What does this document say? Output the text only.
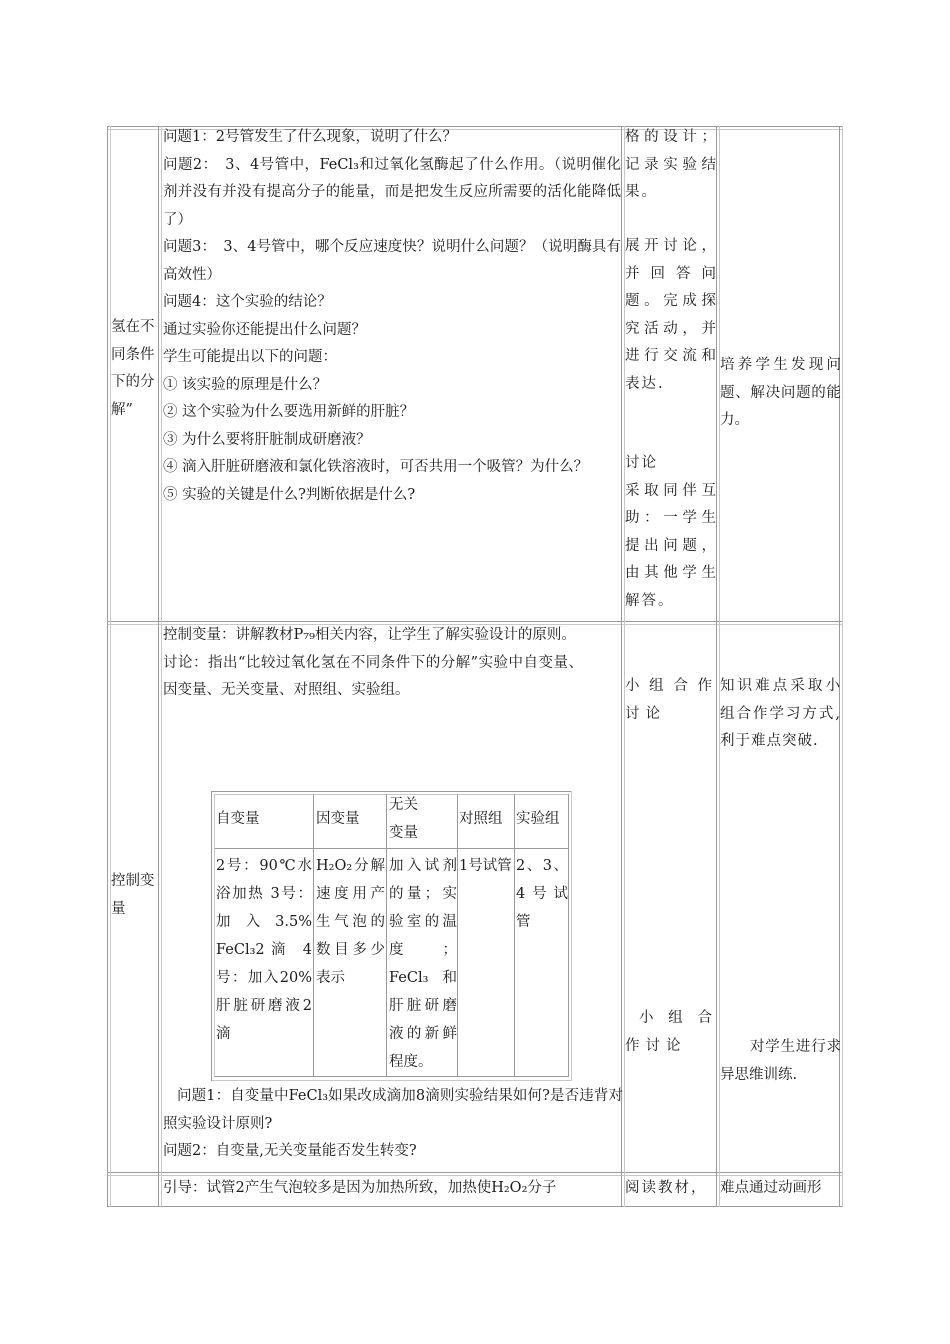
氢在不同条件下的分解”

问题1：2号管发生了什么现象，说明了什么？

问题2：　3、4号管中，FeCl₃和过氧化氢酶起了什么作用。（说明催化剂并没有并没有提高分子的能量，而是把发生反应所需要的活化能降低了）

问题3：　3、4号管中，哪个反应速度快？说明什么问题？（说明酶具有高效性）

问题4：这个实验的结论？

通过实验你还能提出什么问题？

学生可能提出以下的问题：

① 该实验的原理是什么？

② 这个实验为什么要选用新鲜的肝脏？

③ 为什么要将肝脏制成研磨液？

④ 滴入肝脏研磨液和氯化铁溶液时，可否共用一个吸管？为什么？

⑤ 实验的关键是什么?判断依据是什么?

格的设计；记录实验结果。

展开讨论，并回答问题。完成探究活动，并进行交流和表达.

讨论

采取同伴互助：一学生提出问题，由其他学生解答。

培养学生发现问题、解决问题的能力。

控制变量

控制变量：讲解教材P₇₉相关内容，让学生了解实验设计的原则。

讨论：指出“比较过氧化氢在不同条件下的分解”实验中自变量、因变量、无关变量、对照组、实验组。

自变量	因变量
无关变量
对照组 实验组
2号：90℃水浴加热 3号：加入3.5% FeCl₃2滴 4号：加入20%肝脏研磨液2滴
H₂O₂分解速度用产生气泡的数目多少表示
加入试剂的量；实验室的温度；FeCl₃和肝脏研磨液的新鲜程度。
1号试管 2、3、4号试管

问题1：自变量中FeCl₃如果改成滴加8滴则实验结果如何?是否违背对照实验设计原则?

问题2：自变量,无关变量能否发生转变?

小组合作讨论

小组合作讨论

知识难点采取小组合作学习方式,利于难点突破.

对学生进行求异思维训练.

引导：试管2产生气泡较多是因为加热所致，加热使H₂O₂分子	阅读教材， 难点通过动画形
